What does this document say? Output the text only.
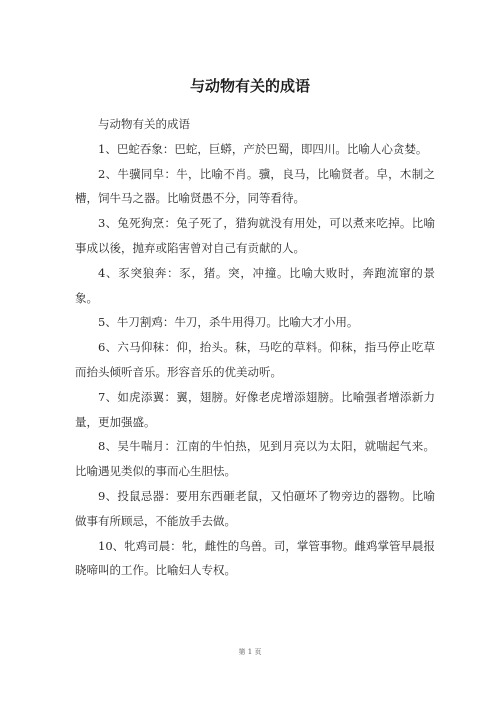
与动物有关的成语

与动物有关的成语

1、巴蛇吞象：巴蛇，巨蟒，产於巴蜀，即四川。比喻人心贪婪。

2、牛骥同皁：牛，比喻不肖。骥，良马，比喻贤者。皁，木制之槽，饲牛马之器。比喻贤愚不分，同等看待。

3、兔死狗烹：兔子死了，猎狗就没有用处，可以煮来吃掉。比喻事成以後，抛弃或陷害曾对自己有贡献的人。

4、豕突狼奔：豕，猪。突，冲撞。比喻大败时，奔跑流窜的景象。

5、牛刀割鸡：牛刀，杀牛用得刀。比喻大才小用。

6、六马仰秣：仰，抬头。秣，马吃的草料。仰秣，指马停止吃草而抬头倾听音乐。形容音乐的优美动听。

7、如虎添翼：翼，翅膀。好像老虎增添翅膀。比喻强者增添新力量，更加强盛。

8、吴牛喘月：江南的牛怕热，见到月亮以为太阳，就喘起气来。比喻遇见类似的事而心生胆怯。

9、投鼠忌器：要用东西砸老鼠，又怕砸坏了物旁边的器物。比喻做事有所顾忌，不能放手去做。

10、牝鸡司晨：牝，雌性的鸟兽。司，掌管事物。雌鸡掌管早晨报晓啼叫的工作。比喻妇人专权。

第 1 页
